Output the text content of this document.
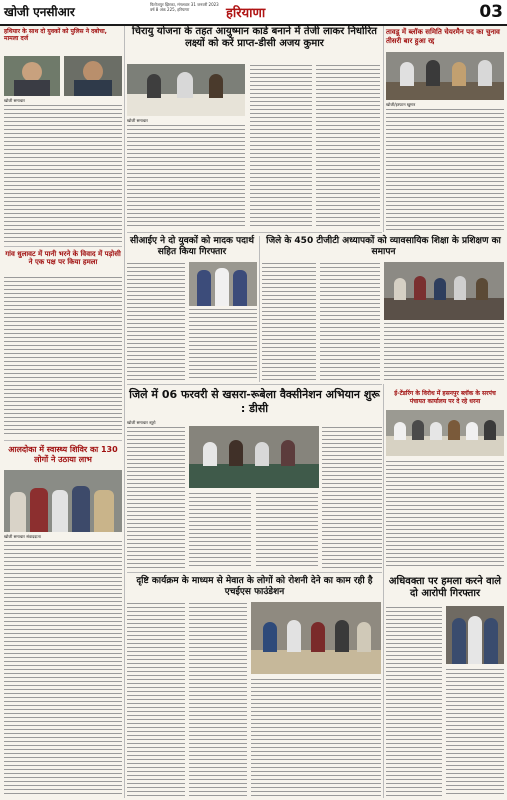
खोजी एनसीआर
फिरोजपुर झिरका, मंगलवार 31 जनवरी 2023
वर्ष 8 अंक 225, हरियाणा	हरियाणा	03
हथियार के साथ दो युवकों को पुलिस ने दबोचा, मामला दर्ज
खोजी समाचार
गांव धुलावट में पानी भरने के विवाद में पड़ोसी ने एक पक्ष पर किया हमला
आलदोका में स्वास्थ्य शिविर का 130 लोगों ने उठाया लाभ
खोजी समाचार संवाददाता
चिरायु योजना के तहत आयुष्मान कार्ड बनाने में तेजी लाकर निर्धारित लक्ष्यों को करें प्राप्त-डीसी अजय कुमार
खोजी समाचार
सीआईए ने दो युवकों को मादक पदार्थ सहित किया गिरफ्तार
जिले के 450 टीजीटी अध्यापकों को व्यावसायिक शिक्षा के प्रशिक्षण का समापन
जिले में 06 फरवरी से खसरा-रूबेला वैक्सीनेशन अभियान शुरू : डीसी
खोजी समाचार ब्यूरो
दृष्टि कार्यक्रम के माध्यम से मेवात के लोगों को रोशनी देने का काम रही है एचईएस फाउंडेशन
तावडू में ब्लॉक समिति चेयरमैन पद का चुनाव तीसरी बार हुआ रद्द
खोजी/इरफान खुमार
ई-टेंडरिंग के विरोध में हसनपुर ब्लॉक के सरपंच पंचायत कार्यालय पर दे रहे धरना
अधिवक्ता पर हमला करने वाले दो आरोपी गिरफ्तार
